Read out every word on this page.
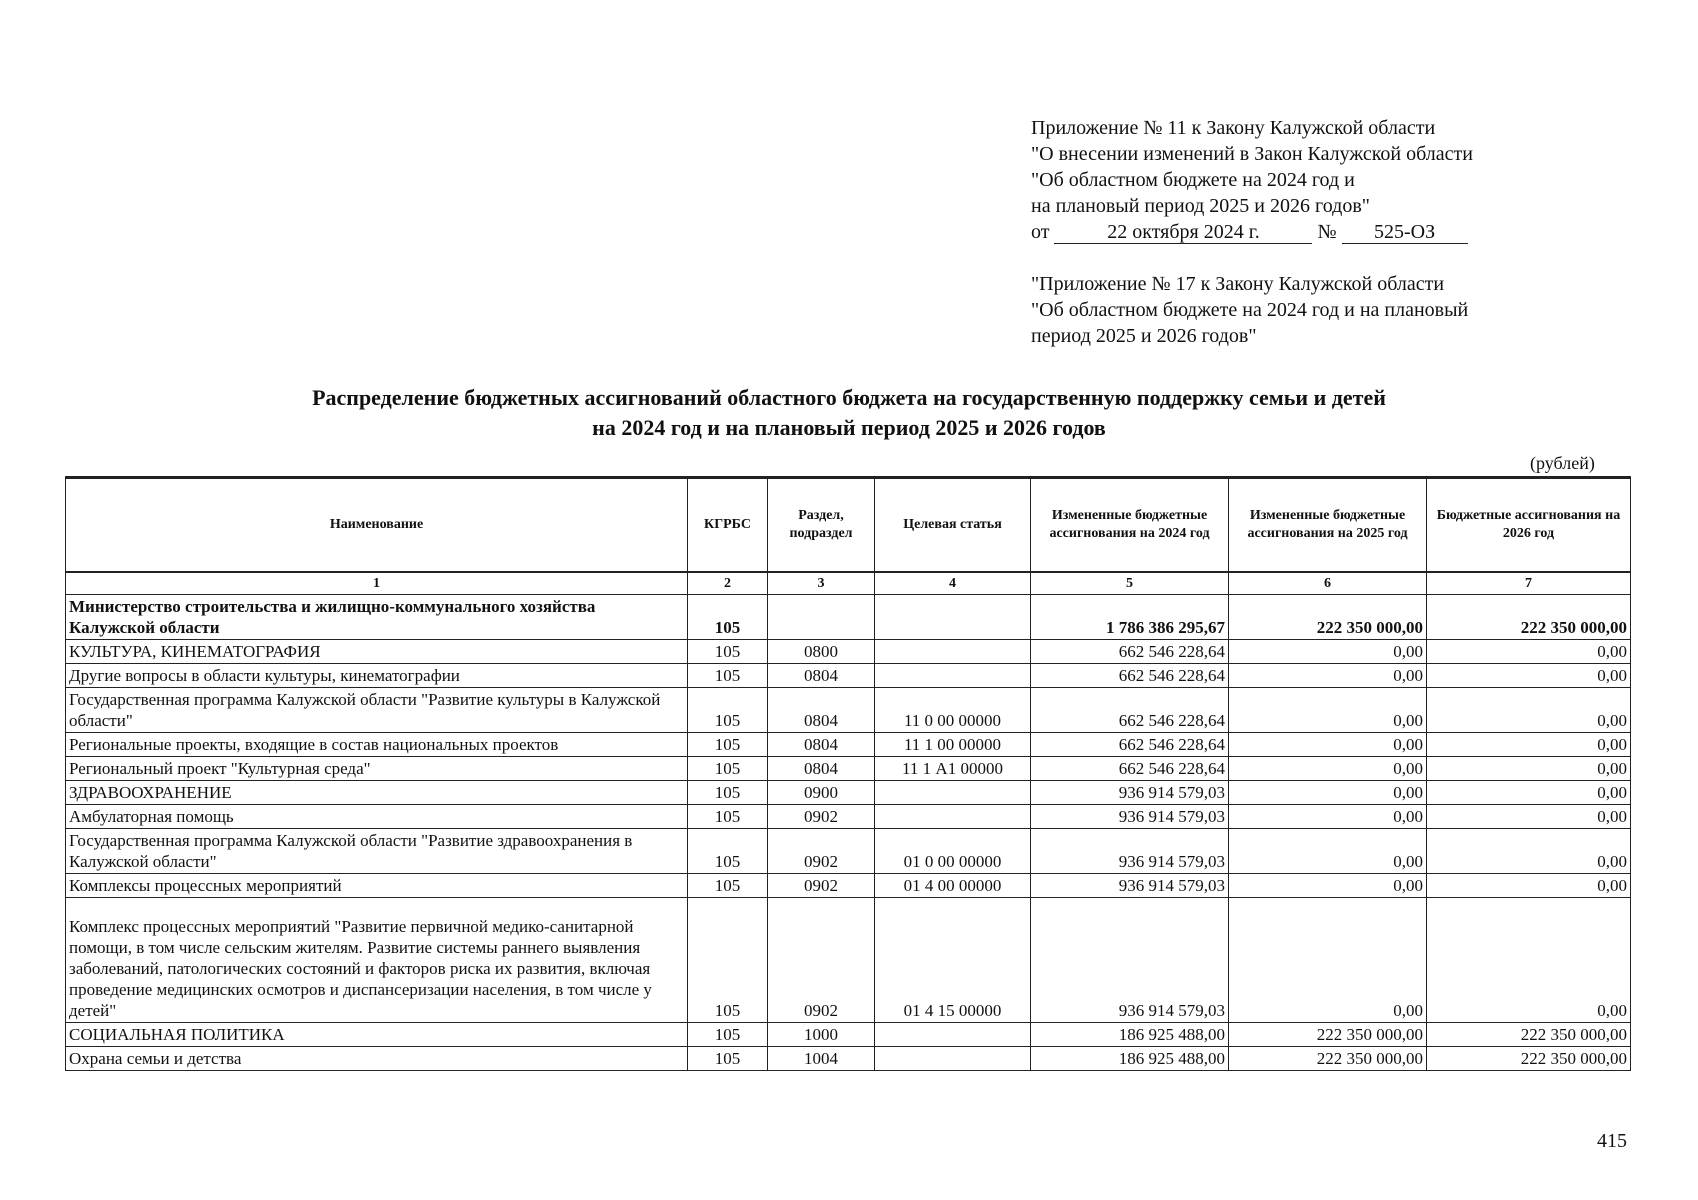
Приложение № 11 к Закону Калужской области

"О внесении изменений в Закон Калужской области

"Об областном бюджете на 2024 год и

на плановый период 2025 и 2026 годов"

от	22 октября 2024 г.	№ 525-ОЗ

"Приложение № 17 к Закону Калужской области

"Об областном бюджете на 2024 год и на плановый

период 2025 и 2026 годов"

Распределение бюджетных ассигнований областного бюджета на государственную поддержку семьи и детей

на 2024 год и на плановый период 2025 и 2026 годов

(рублей)
Наименование	КГРБС	Раздел, подраздел	Целевая статья	Измененные бюджетные ассигнования на 2024 год	Измененные бюджетные ассигнования на 2025 год	Бюджетные ассигнования на 2026 год
1	2	3	4	5	6	7
Министерство строительства и жилищно-коммунального хозяйства Калужской области	105			1 786 386 295,67	222 350 000,00	222 350 000,00
КУЛЬТУРА, КИНЕМАТОГРАФИЯ	105	0800		662 546 228,64	0,00	0,00
Другие вопросы в области культуры, кинематографии	105	0804		662 546 228,64	0,00	0,00
Государственная программа Калужской области "Развитие культуры в Калужской области"	105	0804	11 0 00 00000	662 546 228,64	0,00	0,00
Региональные проекты, входящие в состав национальных проектов	105	0804	11 1 00 00000	662 546 228,64	0,00	0,00
Региональный проект "Культурная среда"	105	0804	11 1 А1 00000	662 546 228,64	0,00	0,00
ЗДРАВООХРАНЕНИЕ	105	0900		936 914 579,03	0,00	0,00
Амбулаторная помощь	105	0902		936 914 579,03	0,00	0,00
Государственная программа Калужской области "Развитие здравоохранения в Калужской области"	105	0902	01 0 00 00000	936 914 579,03	0,00	0,00
Комплексы процессных мероприятий	105	0902	01 4 00 00000	936 914 579,03	0,00	0,00
Комплекс процессных мероприятий "Развитие первичной медико-санитарной помощи, в том числе сельским жителям. Развитие системы раннего выявления заболеваний, патологических состояний и факторов риска их развития, включая проведение медицинских осмотров и диспансеризации населения, в том числе у детей"	105	0902	01 4 15 00000	936 914 579,03	0,00	0,00
СОЦИАЛЬНАЯ ПОЛИТИКА	105	1000		186 925 488,00	222 350 000,00	222 350 000,00
Охрана семьи и детства	105	1004		186 925 488,00	222 350 000,00	222 350 000,00
415
